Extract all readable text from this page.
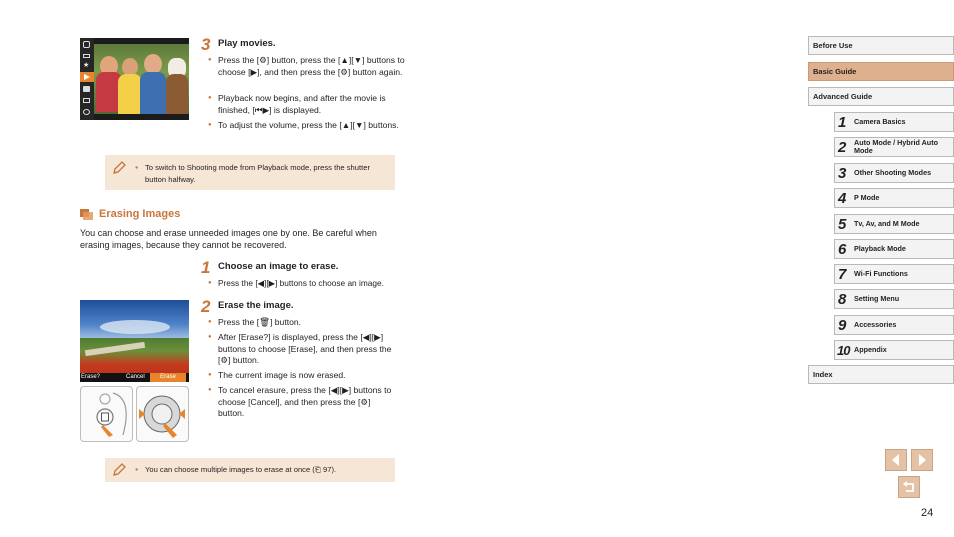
★
3 Play movies.
● Press the [⚙] button, press the [▲][▼] buttons to choose [▶], and then press the [⚙] button again.
● Playback now begins, and after the movie is finished, [⏮▶] is displayed.
● To adjust the volume, press the [▲][▼] buttons.
● To switch to Shooting mode from Playback mode, press the shutter button halfway.
Erasing Images
You can choose and erase unneeded images one by one. Be careful when erasing images, because they cannot be recovered.
1 Choose an image to erase.
● Press the [◀][▶] buttons to choose an image.
Erase?	Cancel	Erase
2 Erase the image.
● Press the [🗑] button.
● After [Erase?] is displayed, press the [◀][▶] buttons to choose [Erase], and then press the [⚙] button.
● The current image is now erased.
● To cancel erasure, press the [◀][▶] buttons to choose [Cancel], and then press the [⚙] button.
● You can choose multiple images to erase at once (⎗ 97).
Before Use
Basic Guide
Advanced Guide
1 Camera Basics
2 Auto Mode / Hybrid Auto Mode
3 Other Shooting Modes
4 P Mode
5 Tv, Av, and M Mode
6 Playback Mode
7 Wi-Fi Functions
8 Setting Menu
9 Accessories
10 Appendix
Index
24
